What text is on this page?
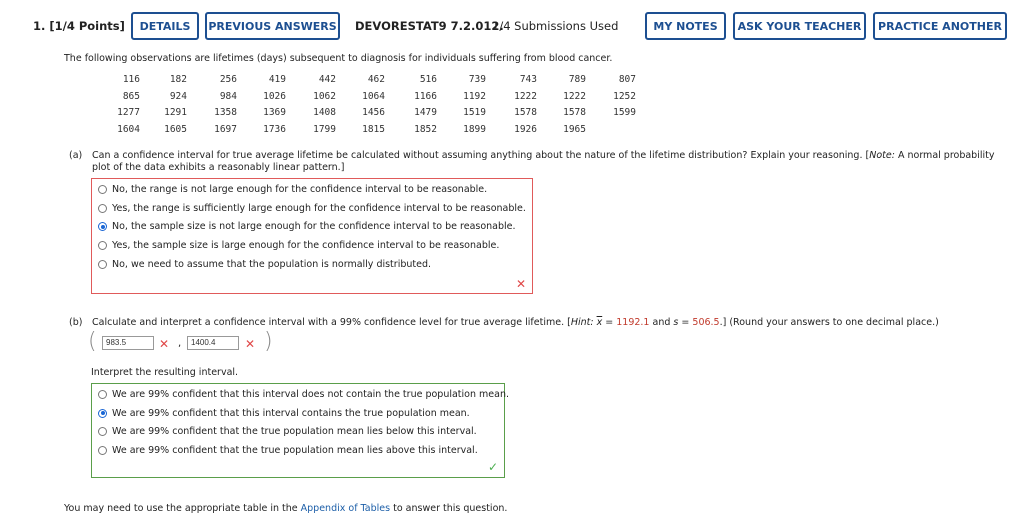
1. [1/4 Points]	DETAILS	PREVIOUS ANSWERS DEVORESTAT9 7.2.012.
1/4 Submissions Used	MY NOTES	ASK YOUR TEACHER	PRACTICE ANOTHER
The following observations are lifetimes (days) subsequent to diagnosis for individuals suffering from blood cancer.
116	182	256	419	442	462	516	739	743	789	807
865	924	984	1026	1062	1064	1166	1192	1222	1222	1252
1277	1291	1358	1369	1408	1456	1479	1519	1578	1578	1599
1604	1605	1697	1736	1799	1815	1852	1899	1926	1965
(a) Can a confidence interval for true average lifetime be calculated without assuming anything about the nature of the lifetime distribution? Explain your reasoning. [Note: A normal probability plot of the data exhibits a reasonably linear pattern.]
No, the range is not large enough for the confidence interval to be reasonable.
Yes, the range is sufficiently large enough for the confidence interval to be reasonable.
No, the sample size is not large enough for the confidence interval to be reasonable.
Yes, the sample size is large enough for the confidence interval to be reasonable.
No, we need to assume that the population is normally distributed.
✕
(b) Calculate and interpret a confidence interval with a 99% confidence level for true average lifetime. [Hint: $\overline{x} = 1192.1$ and s = 506.5.] (Round your answers to one decimal place.)
(	983.5	✕ ,	1400.4	✕ )
Interpret the resulting interval.
We are 99% confident that this interval does not contain the true population mean.
We are 99% confident that this interval contains the true population mean.
We are 99% confident that the true population mean lies below this interval.
We are 99% confident that the true population mean lies above this interval.
✓
You may need to use the appropriate table in the Appendix of Tables to answer this question.
